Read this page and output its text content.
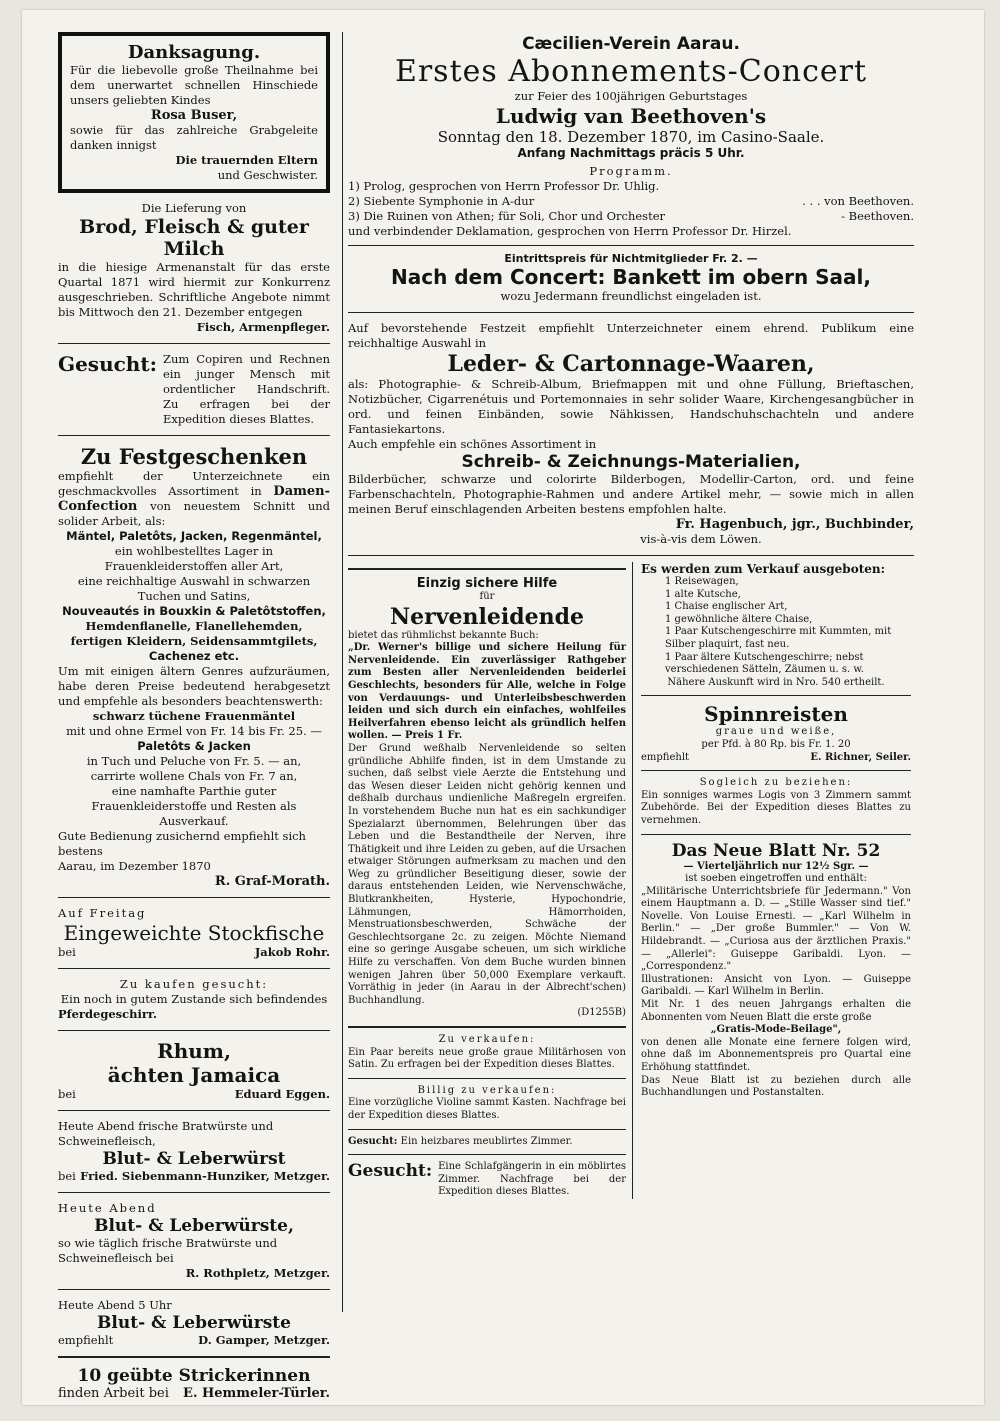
Danksagung.
Für die liebevolle große Theilnahme bei dem unerwartet schnellen Hinschiede unsers geliebten Kindes
Rosa Buser,
sowie für das zahlreiche Grabgeleite danken innigst
Die trauernden Eltern
und Geschwister.
Die Lieferung von
Brod, Fleisch & guter Milch
in die hiesige Armenanstalt für das erste Quartal 1871 wird hiermit zur Konkurrenz ausgeschrieben. Schriftliche Angebote nimmt bis Mittwoch den 21. Dezember entgegen
Fisch, Armenpfleger.
Gesucht: Zum Copiren und Rechnen ein junger Mensch mit ordentlicher Handschrift. Zu erfragen bei der Expedition dieses Blattes.
Zu Festgeschenken
empfiehlt der Unterzeichnete ein geschmackvolles Assortiment in Damen-Confection von neuestem Schnitt und solider Arbeit, als:
Mäntel, Paletôts, Jacken, Regenmäntel,
ein wohlbestelltes Lager in Frauenkleiderstoffen aller Art,
eine reichhaltige Auswahl in schwarzen Tuchen und Satins,
Nouveautés in Bouxkin & Paletôtstoffen,
Hemdenflanelle, Flanellehemden,
fertigen Kleidern, Seidensammtgilets,
Cachenez etc.
Um mit einigen ältern Genres aufzuräumen, habe deren Preise bedeutend herabgesetzt und empfehle als besonders beachtenswerth:
schwarz tüchene Frauenmäntel
mit und ohne Ermel von Fr. 14 bis Fr. 25. —
Paletôts & Jacken
in Tuch und Peluche von Fr. 5. — an,
carrirte wollene Chals von Fr. 7 an,
eine namhafte Parthie guter Frauenkleiderstoffe und Resten als Ausverkauf.
Gute Bedienung zusichernd empfiehlt sich bestens
Aarau, im Dezember 1870
R. Graf-Morath.
Auf Freitag
Eingeweichte Stockfische
bei	Jakob Rohr.
Zu kaufen gesucht:
Ein noch in gutem Zustande sich befindendes
Pferdegeschirr.
Rhum,
ächten Jamaica
bei	Eduard Eggen.
Heute Abend frische Bratwürste und Schweinefleisch,
Blut- & Leberwürst
bei Fried. Siebenmann-Hunziker, Metzger.
Heute Abend
Blut- & Leberwürste,
so wie täglich frische Bratwürste und Schweinefleisch bei
R. Rothpletz, Metzger.
Heute Abend 5 Uhr
Blut- & Leberwürste
empfiehlt	D. Gamper, Metzger.
10 geübte Strickerinnen
finden Arbeit bei E. Hemmeler-Türler.
Cæcilien-Verein Aarau.
Erstes Abonnements-Concert
zur Feier des 100jährigen Geburtstages
Ludwig van Beethoven's
Sonntag den 18. Dezember 1870, im Casino-Saale.
Anfang Nachmittags präcis 5 Uhr.
Programm.
1) Prolog, gesprochen von Herrn Professor Dr. Uhlig.
2) Siebente Symphonie in A-dur	. . . von Beethoven.
3) Die Ruinen von Athen; für Soli, Chor und Orchester	- Beethoven.
und verbindender Deklamation, gesprochen von Herrn Professor Dr. Hirzel.
Eintrittspreis für Nichtmitglieder Fr. 2. —
Nach dem Concert: Bankett im obern Saal,
wozu Jedermann freundlichst eingeladen ist.
Auf bevorstehende Festzeit empfiehlt Unterzeichneter einem ehrend. Publikum eine reichhaltige Auswahl in
Leder- & Cartonnage-Waaren,
als: Photographie- & Schreib-Album, Briefmappen mit und ohne Füllung, Brieftaschen, Notizbücher, Cigarrenétuis und Portemonnaies in sehr solider Waare, Kirchengesangbücher in ord. und feinen Einbänden, sowie Nähkissen, Handschuhschachteln und andere Fantasiekartons.
Auch empfehle ein schönes Assortiment in
Schreib- & Zeichnungs-Materialien,
Bilderbücher, schwarze und colorirte Bilderbogen, Modellir-Carton, ord. und feine Farbenschachteln, Photographie-Rahmen und andere Artikel mehr, — sowie mich in allen meinen Beruf einschlagenden Arbeiten bestens empfohlen halte.
Fr. Hagenbuch, jgr., Buchbinder,
vis-à-vis dem Löwen.
Einzig sichere Hilfe
für
Nervenleidende
bietet das rühmlichst bekannte Buch:
„Dr. Werner's billige und sichere Heilung für Nervenleidende. Ein zuverlässiger Rathgeber zum Besten aller Nervenleidenden beiderlei Geschlechts, besonders für Alle, welche in Folge von Verdauungs- und Unterleibsbeschwerden leiden und sich durch ein einfaches, wohlfeiles Heilverfahren ebenso leicht als gründlich helfen wollen. — Preis 1 Fr.
Der Grund weßhalb Nervenleidende so selten gründliche Abhilfe finden, ist in dem Umstande zu suchen, daß selbst viele Aerzte die Entstehung und das Wesen dieser Leiden nicht gehörig kennen und deßhalb durchaus undienliche Maßregeln ergreifen. In vorstehendem Buche nun hat es ein sachkundiger Spezialarzt übernommen, Belehrungen über das Leben und die Bestandtheile der Nerven, ihre Thätigkeit und ihre Leiden zu geben, auf die Ursachen etwaiger Störungen aufmerksam zu machen und den Weg zu gründlicher Beseitigung dieser, sowie der daraus entstehenden Leiden, wie Nervenschwäche, Blutkrankheiten, Hysterie, Hypochondrie, Lähmungen, Hämorrhoiden, Menstruationsbeschwerden, Schwäche der Geschlechtsorgane 2c. zu zeigen. Möchte Niemand eine so geringe Ausgabe scheuen, um sich wirkliche Hilfe zu verschaffen. Von dem Buche wurden binnen wenigen Jahren über 50,000 Exemplare verkauft. Vorräthig in jeder (in Aarau in der Albrecht'schen) Buchhandlung.
(D1255B)
Zu verkaufen:
Ein Paar bereits neue große graue Militärhosen von Satin. Zu erfragen bei der Expedition dieses Blattes.
Billig zu verkaufen:
Eine vorzügliche Violine sammt Kasten. Nachfrage bei der Expedition dieses Blattes.
Gesucht: Ein heizbares meublirtes Zimmer.
Gesucht: Eine Schlafgängerin in ein möblirtes Zimmer. Nachfrage bei der Expedition dieses Blattes.
Es werden zum Verkauf ausgeboten:
1 Reisewagen,
1 alte Kutsche,
1 Chaise englischer Art,
1 gewöhnliche ältere Chaise,
1 Paar Kutschengeschirre mit Kummten, mit Silber plaquirt, fast neu.
1 Paar ältere Kutschengeschirre; nebst verschiedenen Sätteln, Zäumen u. s. w.
Nähere Auskunft wird in Nro. 540 ertheilt.
Spinnreisten
graue und weiße,
per Pfd. à 80 Rp. bis Fr. 1. 20
empfiehlt	E. Richner, Seiler.
Sogleich zu beziehen:
Ein sonniges warmes Logis von 3 Zimmern sammt Zubehörde. Bei der Expedition dieses Blattes zu vernehmen.
Das Neue Blatt Nr. 52
— Vierteljährlich nur 12½ Sgr. —
ist soeben eingetroffen und enthält:
„Militärische Unterrichtsbriefe für Jedermann." Von einem Hauptmann a. D. — „Stille Wasser sind tief." Novelle. Von Louise Ernesti. — „Karl Wilhelm in Berlin." — „Der große Bummler." — Von W. Hildebrandt. — „Curiosa aus der ärztlichen Praxis." — „Allerlei": Guiseppe Garibaldi. Lyon. — „Correspondenz."
Illustrationen: Ansicht von Lyon. — Guiseppe Garibaldi. — Karl Wilhelm in Berlin.
Mit Nr. 1 des neuen Jahrgangs erhalten die Abonnenten vom Neuen Blatt die erste große
„Gratis-Mode-Beilage",
von denen alle Monate eine fernere folgen wird, ohne daß im Abonnementspreis pro Quartal eine Erhöhung stattfindet.
Das Neue Blatt ist zu beziehen durch alle Buchhandlungen und Postanstalten.
